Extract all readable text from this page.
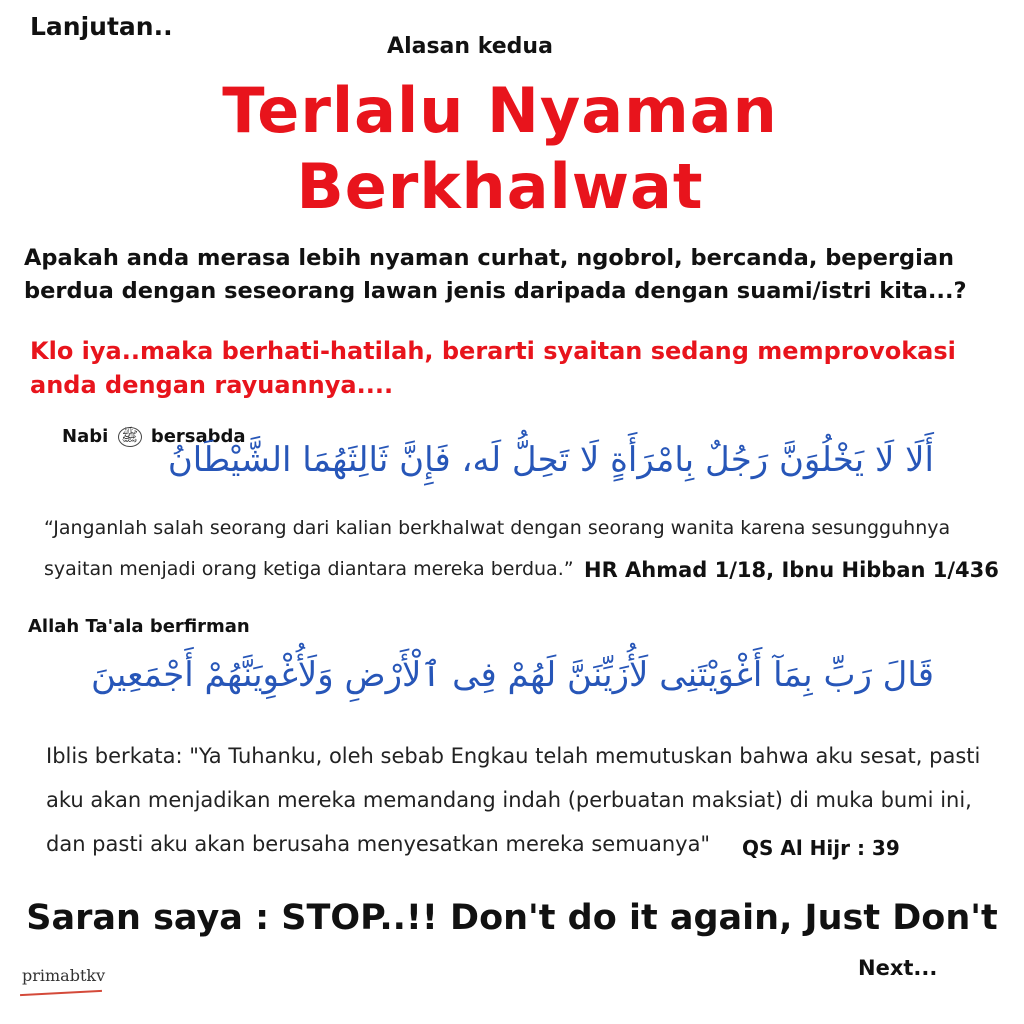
Lanjutan..

Alasan kedua

Terlalu Nyaman
Berkhalwat

Apakah anda merasa lebih nyaman curhat, ngobrol, bercanda, bepergian berdua dengan seseorang lawan jenis daripada dengan suami/istri kita...?

Klo iya..maka berhati-hatilah, berarti syaitan sedang memprovokasi anda dengan rayuannya....

Nabi ﷺ bersabda

أَلَا لَا يَخْلُوَنَّ رَجُلٌ بِامْرَأَةٍ لَا تَحِلُّ لَه، فَإِنَّ ثَالِثَهُمَا الشَّيْطَانُ

“Janganlah salah seorang dari kalian berkhalwat dengan seorang wanita karena sesungguhnya syaitan menjadi orang ketiga diantara mereka berdua.” HR Ahmad 1/18, Ibnu Hibban 1/436

Allah Ta'ala berfirman

قَالَ رَبِّ بِمَآ أَغْوَيْتَنِى لَأُزَيِّنَنَّ لَهُمْ فِى ٱلْأَرْضِ وَلَأُغْوِيَنَّهُمْ أَجْمَعِينَ

Iblis berkata: "Ya Tuhanku, oleh sebab Engkau telah memutuskan bahwa aku sesat, pasti aku akan menjadikan mereka memandang indah (perbuatan maksiat) di muka bumi ini, dan pasti aku akan berusaha menyesatkan mereka semuanya"	QS Al Hijr : 39

Saran saya : STOP..!! Don't do it again, Just Don't

Next...

primabtkv
